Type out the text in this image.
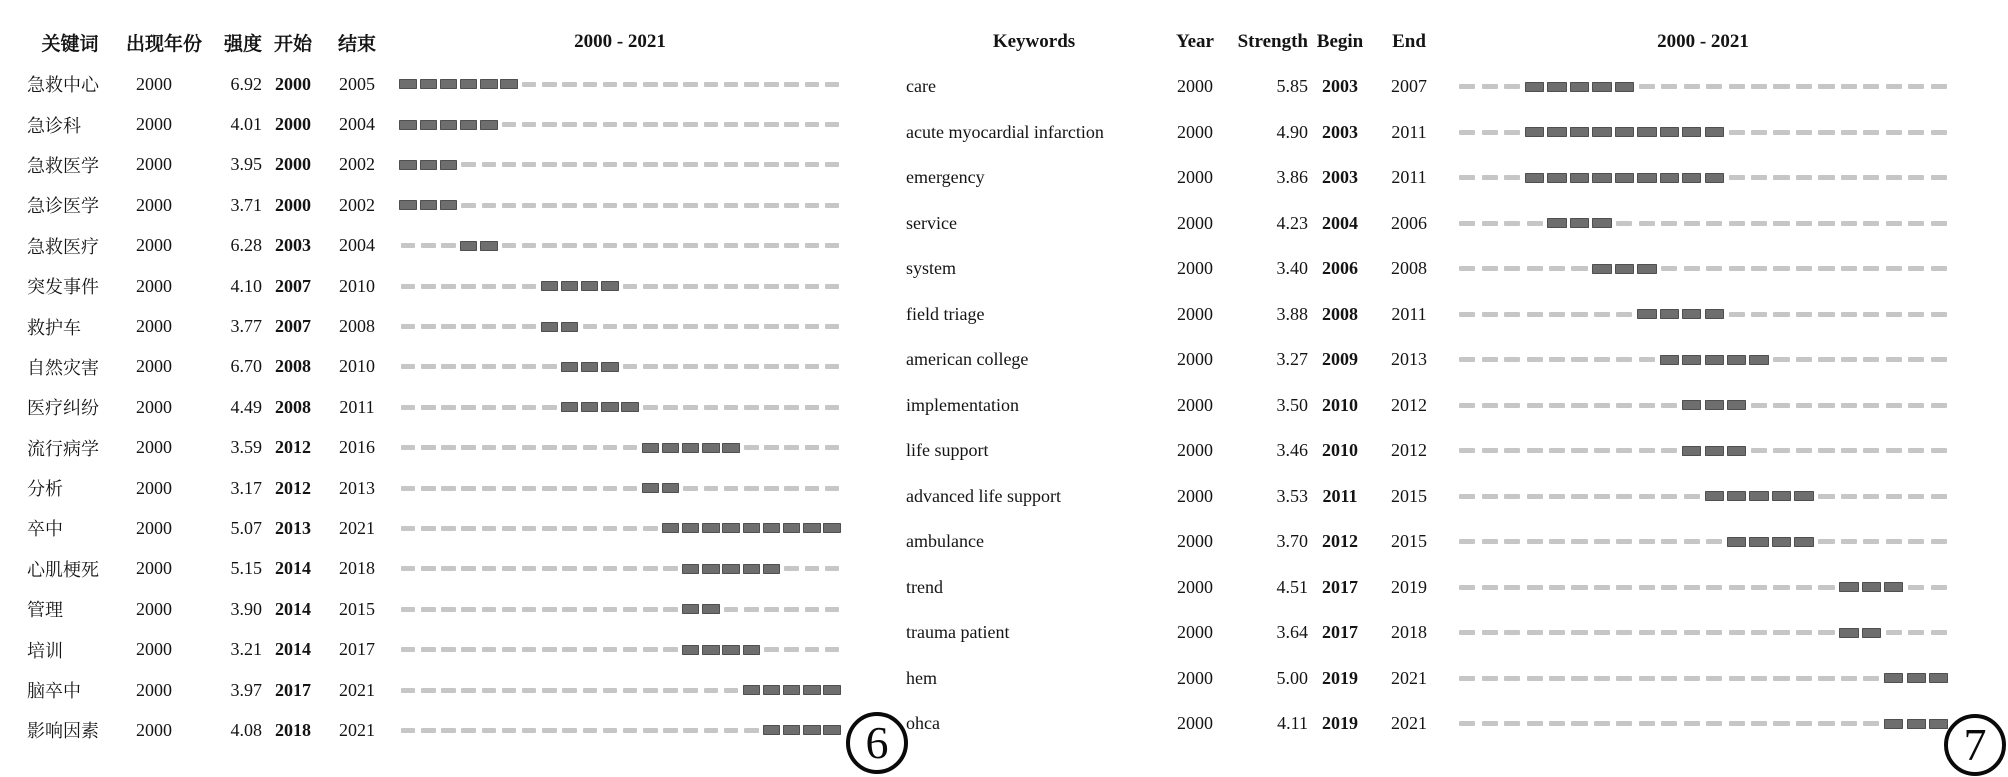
关键词	出现年份	强度 开始	结束	2000 - 2021
急救中心	2000	6.92 2000	2005
急诊科	2000	4.01 2000	2004
急救医学	2000	3.95 2000	2002
急诊医学	2000	3.71 2000	2002
急救医疗	2000	6.28 2003	2004
突发事件	2000	4.10 2007	2010
救护车	2000	3.77 2007	2008
自然灾害	2000	6.70 2008	2010
医疗纠纷	2000	4.49 2008	2011
流行病学	2000	3.59 2012	2016
分析	2000	3.17 2012	2013
卒中	2000	5.07 2013	2021
心肌梗死	2000	5.15 2014	2018
管理	2000	3.90 2014	2015
培训	2000	3.21 2014	2017
脑卒中	2000	3.97 2017	2021
影响因素	2000	4.08 2018	2021
Keywords	Year	Strength Begin	End	2000 - 2021
care	2000	5.85 2003	2007
acute myocardial infarction	2000	4.90 2003	2011
emergency	2000	3.86 2003	2011
service	2000	4.23 2004	2006
system	2000	3.40 2006	2008
field triage	2000	3.88 2008	2011
american college	2000	3.27 2009	2013
implementation	2000	3.50 2010	2012
life support	2000	3.46 2010	2012
advanced life support	2000	3.53 2011	2015
ambulance	2000	3.70 2012	2015
trend	2000	4.51 2017	2019
trauma patient	2000	3.64 2017	2018
hem	2000	5.00 2019	2021
ohca	2000	4.11 2019	2021
6	7
